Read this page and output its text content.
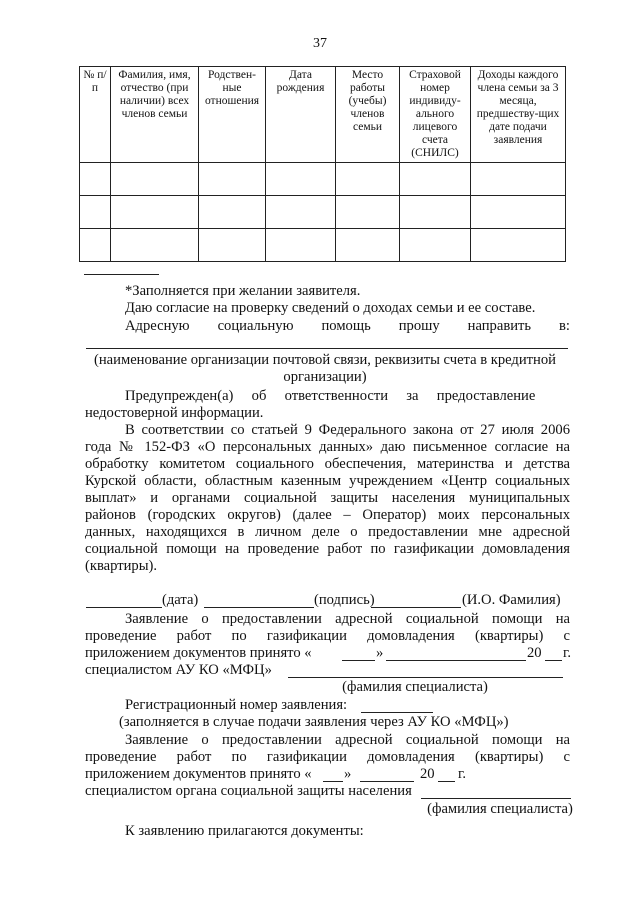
37
№ п/п	Фамилия, имя, отчество (при наличии) всех членов семьи	Родствен-ные отношения	Дата рождения	Место работы (учебы) членов семьи	Страховой номер индивиду-ального лицевого счета (СНИЛС)	Доходы каждого члена семьи за 3 месяца, предшеству-щих дате подачи заявления

*Заполняется при желании заявителя.
Даю согласие на проверку сведений о доходах семьи и ее составе.
Адресную социальную помощь прошу направить в:
(наименование организации почтовой связи, реквизиты счета в кредитной
организации)
Предупрежден(а)     об     ответственности     за     предоставление
недостоверной информации.
В соответствии со статьей 9 Федерального закона от 27 июля 2006
года № 152-ФЗ «О персональных данных» даю письменное согласие на
обработку комитетом социального обеспечения, материнства и детства
Курской области, областным казенным учреждением «Центр социальных
выплат» и органами социальной защиты населения муниципальных
районов (городских округов) (далее – Оператор) моих персональных
данных, находящихся в личном деле о предоставлении мне адресной
социальной помощи на проведение работ по газификации домовладения
(квартиры).
(дата)	(подпись)	(И.О. Фамилия)
Заявление о предоставлении адресной социальной помощи на
проведение работ по газификации домовладения (квартиры) с
приложением документов принято «	»	20 г.
специалистом АУ КО «МФЦ»
(фамилия специалиста)
Регистрационный номер заявления:
(заполняется в случае подачи заявления через АУ КО «МФЦ»)
Заявление о предоставлении адресной социальной помощи на
проведение работ по газификации домовладения (квартиры) с
приложением документов принято « »	20 г.
специалистом органа социальной защиты населения
(фамилия специалиста)
К заявлению прилагаются документы:
